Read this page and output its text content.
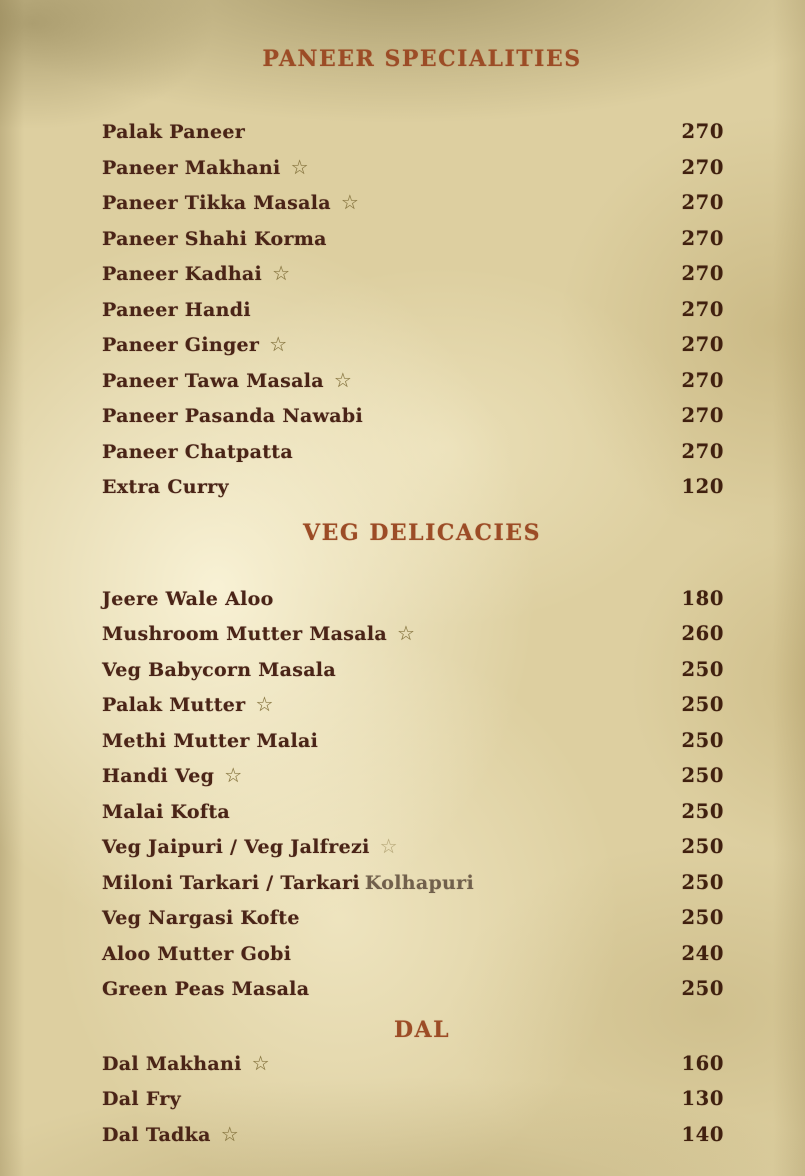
PANEER SPECIALITIES
Palak Paneer	270
Paneer Makhani ☆	270
Paneer Tikka Masala ☆	270
Paneer Shahi Korma	270
Paneer Kadhai ☆	270
Paneer Handi	270
Paneer Ginger ☆	270
Paneer Tawa Masala ☆	270
Paneer Pasanda Nawabi	270
Paneer Chatpatta	270
Extra Curry	120
VEG DELICACIES
Jeere Wale Aloo	180
Mushroom Mutter Masala ☆	260
Veg Babycorn Masala	250
Palak Mutter ☆	250
Methi Mutter Malai	250
Handi Veg ☆	250
Malai Kofta	250
Veg Jaipuri / Veg Jalfrezi ☆	250
Miloni Tarkari / Tarkari Kolhapuri	250
Veg Nargasi Kofte	250
Aloo Mutter Gobi	240
Green Peas Masala	250
DAL
Dal Makhani ☆	160
Dal Fry	130
Dal Tadka ☆	140
